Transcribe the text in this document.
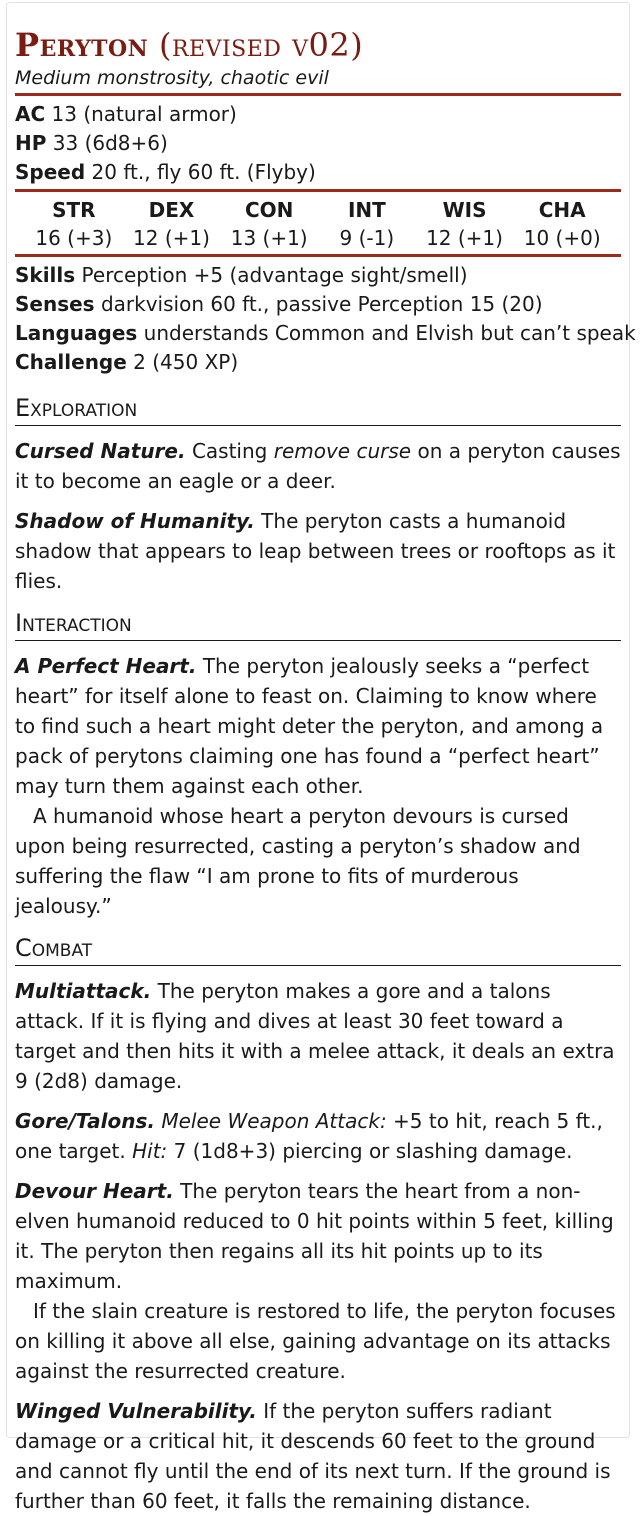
Peryton (revised v02)

Medium monstrosity, chaotic evil

AC 13 (natural armor)

HP 33 (6d8+6)

Speed 20 ft., fly 60 ft. (Flyby)

STR
16 (+3)
DEX
12 (+1)
CON
13 (+1)
INT
9 (-1)
WIS
12 (+1)
CHA
10 (+0)

Skills Perception +5 (advantage sight/smell)

Senses darkvision 60 ft., passive Perception 15 (20)

Languages understands Common and Elvish but can’t speak

Challenge 2 (450 XP)

Exploration

Cursed Nature. Casting remove curse on a peryton causes it to become an eagle or a deer.

Shadow of Humanity. The peryton casts a humanoid shadow that appears to leap between trees or rooftops as it flies.

Interaction

A Perfect Heart. The peryton jealously seeks a “perfect heart” for itself alone to feast on. Claiming to know where to find such a heart might deter the peryton, and among a pack of perytons claiming one has found a “perfect heart” may turn them against each other.

A humanoid whose heart a peryton devours is cursed upon being resurrected, casting a peryton’s shadow and suffering the flaw “I am prone to fits of murderous jealousy.”

Combat

Multiattack. The peryton makes a gore and a talons attack. If it is flying and dives at least 30 feet toward a target and then hits it with a melee attack, it deals an extra 9 (2d8) damage.

Gore/Talons. Melee Weapon Attack: +5 to hit, reach 5 ft., one target. Hit: 7 (1d8+3) piercing or slashing damage.

Devour Heart. The peryton tears the heart from a non-elven humanoid reduced to 0 hit points within 5 feet, killing it. The peryton then regains all its hit points up to its maximum.

If the slain creature is restored to life, the peryton focuses on killing it above all else, gaining advantage on its attacks against the resurrected creature.

Winged Vulnerability. If the peryton suffers radiant damage or a critical hit, it descends 60 feet to the ground and cannot fly until the end of its next turn. If the ground is further than 60 feet, it falls the remaining distance.
